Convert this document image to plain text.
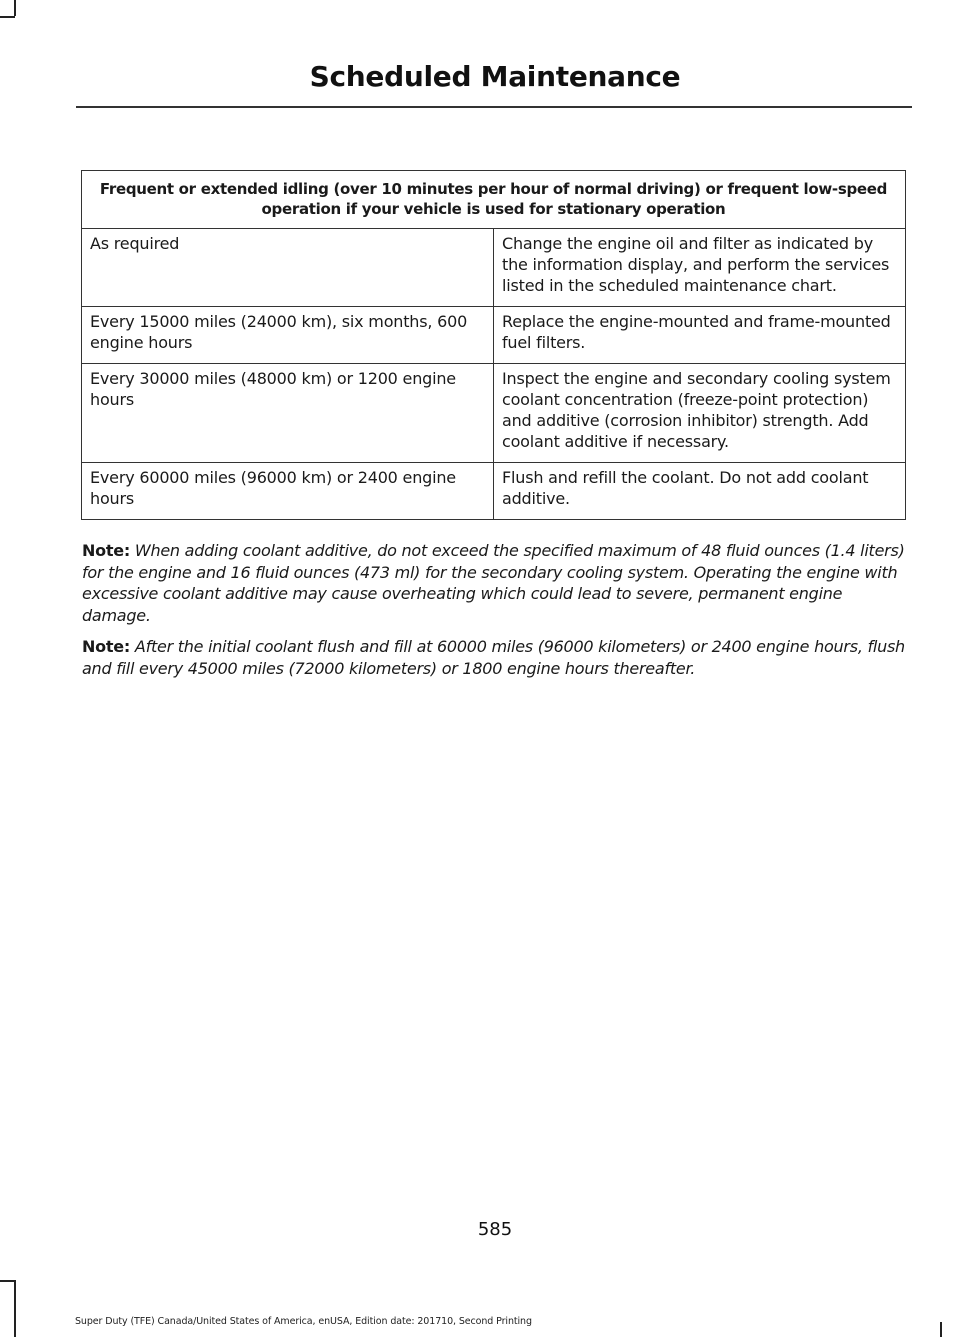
Scheduled Maintenance
Frequent or extended idling (over 10 minutes per hour of normal driving) or frequent low-speed operation if your vehicle is used for stationary operation	
As required	Change the engine oil and filter as indicated by the information display, and perform the services listed in the scheduled maintenance chart.
Every 15000 miles (24000 km), six months, 600 engine hours	Replace the engine-mounted and frame-mounted fuel filters.
Every 30000 miles (48000 km) or 1200 engine hours	Inspect the engine and secondary cooling system coolant concentration (freeze-point protection) and additive (corrosion inhibitor) strength. Add coolant additive if necessary.
Every 60000 miles (96000 km) or 2400 engine hours	Flush and refill the coolant. Do not add coolant additive.

Note: When adding coolant additive, do not exceed the specified maximum of 48 fluid ounces (1.4 liters) for the engine and 16 fluid ounces (473 ml) for the secondary cooling system. Operating the engine with excessive coolant additive may cause overheating which could lead to severe, permanent engine damage.

Note: After the initial coolant flush and fill at 60000 miles (96000 kilometers) or 2400 engine hours, flush and fill every 45000 miles (72000 kilometers) or 1800 engine hours thereafter.

585
Super Duty (TFE) Canada/United States of America, enUSA, Edition date: 201710, Second Printing
